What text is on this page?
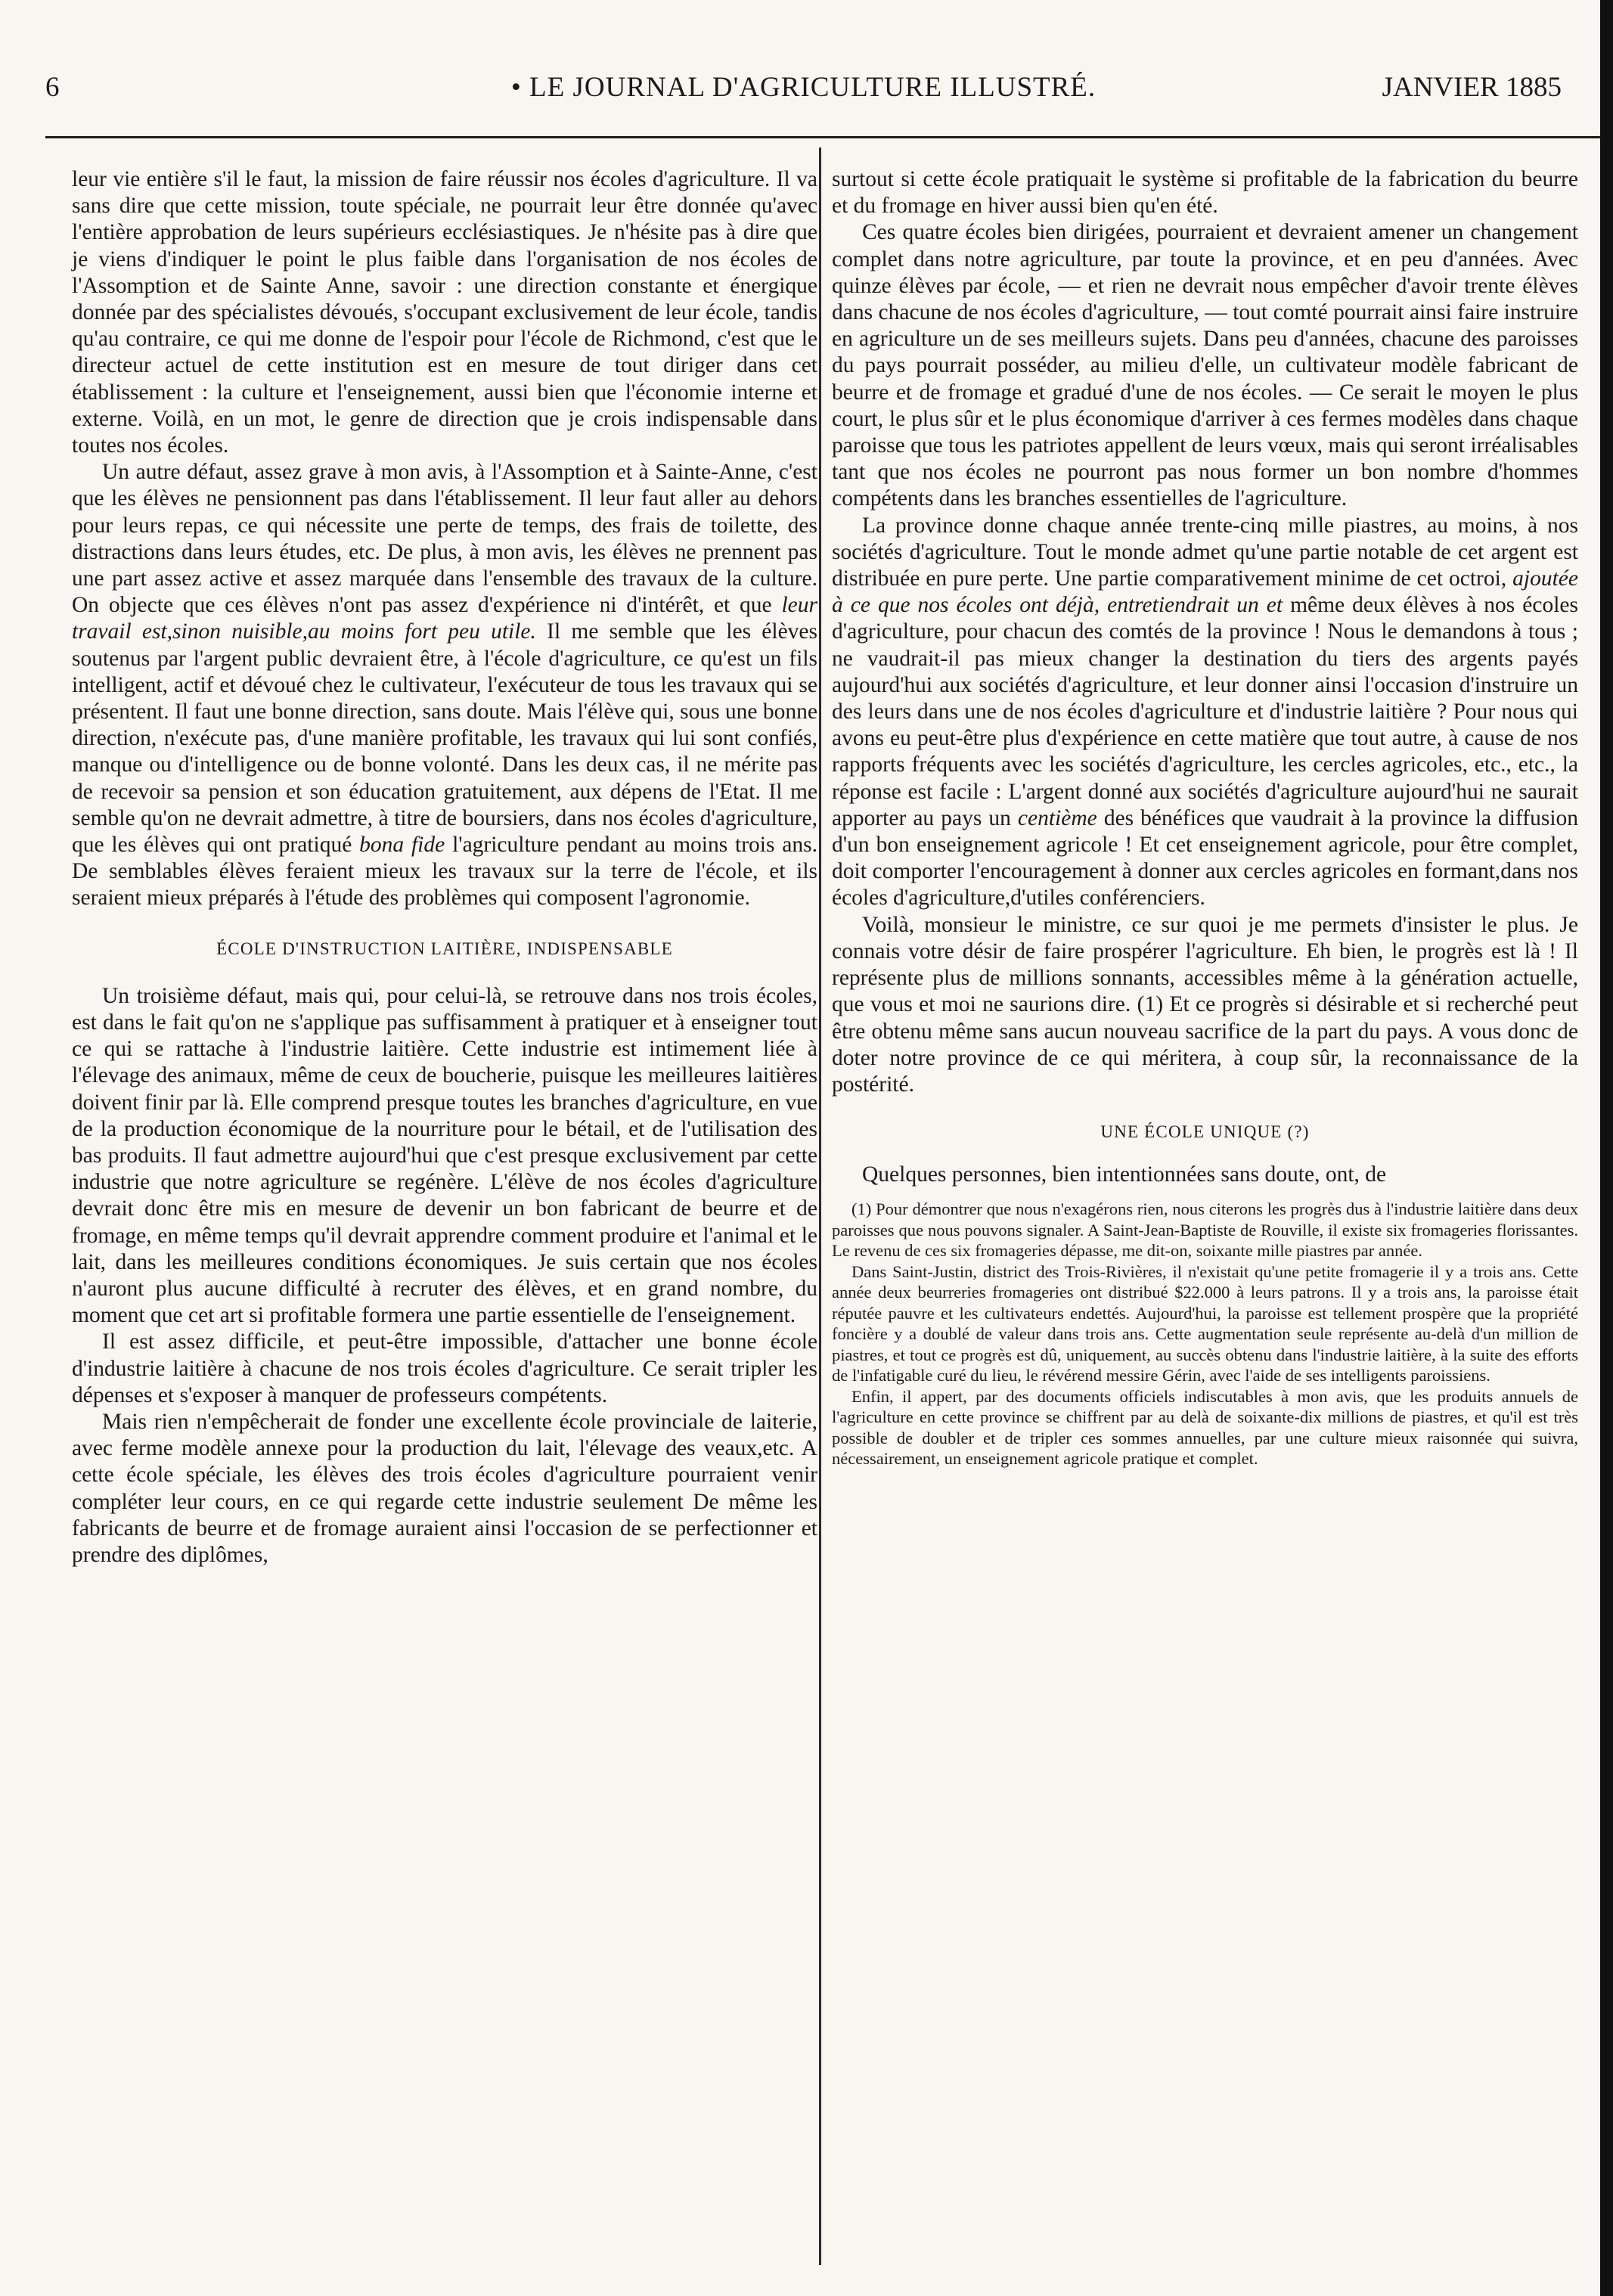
6	• LE JOURNAL D'AGRICULTURE ILLUSTRÉ.	JANVIER 1885

leur vie entière s'il le faut, la mission de faire réussir nos écoles d'agriculture. Il va sans dire que cette mission, toute spéciale, ne pourrait leur être donnée qu'avec l'entière approbation de leurs supérieurs ecclésiastiques. Je n'hésite pas à dire que je viens d'indiquer le point le plus faible dans l'organisation de nos écoles de l'Assomption et de Sainte Anne, savoir : une direction constante et énergique donnée par des spécialistes dévoués, s'occupant exclusivement de leur école, tandis qu'au contraire, ce qui me donne de l'espoir pour l'école de Richmond, c'est que le directeur actuel de cette institution est en mesure de tout diriger dans cet établissement : la culture et l'enseignement, aussi bien que l'économie interne et externe. Voilà, en un mot, le genre de direction que je crois indispensable dans toutes nos écoles.

Un autre défaut, assez grave à mon avis, à l'Assomption et à Sainte-Anne, c'est que les élèves ne pensionnent pas dans l'établissement. Il leur faut aller au dehors pour leurs repas, ce qui nécessite une perte de temps, des frais de toilette, des distractions dans leurs études, etc. De plus, à mon avis, les élèves ne prennent pas une part assez active et assez marquée dans l'ensemble des travaux de la culture. On objecte que ces élèves n'ont pas assez d'expérience ni d'intérêt, et que leur travail est,sinon nuisible,au moins fort peu utile. Il me semble que les élèves soutenus par l'argent public devraient être, à l'école d'agriculture, ce qu'est un fils intelligent, actif et dévoué chez le cultivateur, l'exécuteur de tous les travaux qui se présentent. Il faut une bonne direction, sans doute. Mais l'élève qui, sous une bonne direction, n'exécute pas, d'une manière profitable, les travaux qui lui sont confiés, manque ou d'intelligence ou de bonne volonté. Dans les deux cas, il ne mérite pas de recevoir sa pension et son éducation gratuitement, aux dépens de l'Etat. Il me semble qu'on ne devrait admettre, à titre de boursiers, dans nos écoles d'agriculture, que les élèves qui ont pratiqué bona fide l'agriculture pendant au moins trois ans. De semblables élèves feraient mieux les travaux sur la terre de l'école, et ils seraient mieux préparés à l'étude des problèmes qui composent l'agronomie.

ÉCOLE D'INSTRUCTION LAITIÈRE, INDISPENSABLE

Un troisième défaut, mais qui, pour celui-là, se retrouve dans nos trois écoles, est dans le fait qu'on ne s'applique pas suffisamment à pratiquer et à enseigner tout ce qui se rattache à l'industrie laitière. Cette industrie est intimement liée à l'élevage des animaux, même de ceux de boucherie, puisque les meilleures laitières doivent finir par là. Elle comprend presque toutes les branches d'agriculture, en vue de la production économique de la nourriture pour le bétail, et de l'utilisation des bas produits. Il faut admettre aujourd'hui que c'est presque exclusivement par cette industrie que notre agriculture se regénère. L'élève de nos écoles d'agriculture devrait donc être mis en mesure de devenir un bon fabricant de beurre et de fromage, en même temps qu'il devrait apprendre comment produire et l'animal et le lait, dans les meilleures conditions économiques. Je suis certain que nos écoles n'auront plus aucune difficulté à recruter des élèves, et en grand nombre, du moment que cet art si profitable formera une partie essentielle de l'enseignement.

Il est assez difficile, et peut-être impossible, d'attacher une bonne école d'industrie laitière à chacune de nos trois écoles d'agriculture. Ce serait tripler les dépenses et s'exposer à manquer de professeurs compétents.

Mais rien n'empêcherait de fonder une excellente école provinciale de laiterie, avec ferme modèle annexe pour la production du lait, l'élevage des veaux,etc. A cette école spéciale, les élèves des trois écoles d'agriculture pourraient venir compléter leur cours, en ce qui regarde cette industrie seulement De même les fabricants de beurre et de fromage auraient ainsi l'occasion de se perfectionner et prendre des diplômes,

surtout si cette école pratiquait le système si profitable de la fabrication du beurre et du fromage en hiver aussi bien qu'en été.

Ces quatre écoles bien dirigées, pourraient et devraient amener un changement complet dans notre agriculture, par toute la province, et en peu d'années. Avec quinze élèves par école, — et rien ne devrait nous empêcher d'avoir trente élèves dans chacune de nos écoles d'agriculture, — tout comté pourrait ainsi faire instruire en agriculture un de ses meilleurs sujets. Dans peu d'années, chacune des paroisses du pays pourrait posséder, au milieu d'elle, un cultivateur modèle fabricant de beurre et de fromage et gradué d'une de nos écoles. — Ce serait le moyen le plus court, le plus sûr et le plus économique d'arriver à ces fermes modèles dans chaque paroisse que tous les patriotes appellent de leurs vœux, mais qui seront irréalisables tant que nos écoles ne pourront pas nous former un bon nombre d'hommes compétents dans les branches essentielles de l'agriculture.

La province donne chaque année trente-cinq mille piastres, au moins, à nos sociétés d'agriculture. Tout le monde admet qu'une partie notable de cet argent est distribuée en pure perte. Une partie comparativement minime de cet octroi, ajoutée à ce que nos écoles ont déjà, entretiendrait un et même deux élèves à nos écoles d'agriculture, pour chacun des comtés de la province ! Nous le demandons à tous ; ne vaudrait-il pas mieux changer la destination du tiers des argents payés aujourd'hui aux sociétés d'agriculture, et leur donner ainsi l'occasion d'instruire un des leurs dans une de nos écoles d'agriculture et d'industrie laitière ? Pour nous qui avons eu peut-être plus d'expérience en cette matière que tout autre, à cause de nos rapports fréquents avec les sociétés d'agriculture, les cercles agricoles, etc., etc., la réponse est facile : L'argent donné aux sociétés d'agriculture aujourd'hui ne saurait apporter au pays un centième des bénéfices que vaudrait à la province la diffusion d'un bon enseignement agricole ! Et cet enseignement agricole, pour être complet, doit comporter l'encouragement à donner aux cercles agricoles en formant,dans nos écoles d'agriculture,d'utiles conférenciers.

Voilà, monsieur le ministre, ce sur quoi je me permets d'insister le plus. Je connais votre désir de faire prospérer l'agriculture. Eh bien, le progrès est là ! Il représente plus de millions sonnants, accessibles même à la génération actuelle, que vous et moi ne saurions dire. (1) Et ce progrès si désirable et si recherché peut être obtenu même sans aucun nouveau sacrifice de la part du pays. A vous donc de doter notre province de ce qui méritera, à coup sûr, la reconnaissance de la postérité.

UNE ÉCOLE UNIQUE (?)

Quelques personnes, bien intentionnées sans doute, ont, de

(1) Pour démontrer que nous n'exagérons rien, nous citerons les progrès dus à l'industrie laitière dans deux paroisses que nous pouvons signaler. A Saint-Jean-Baptiste de Rouville, il existe six fromageries florissantes. Le revenu de ces six fromageries dépasse, me dit-on, soixante mille piastres par année.

Dans Saint-Justin, district des Trois-Rivières, il n'existait qu'une petite fromagerie il y a trois ans. Cette année deux beurreries fromageries ont distribué $22.000 à leurs patrons. Il y a trois ans, la paroisse était réputée pauvre et les cultivateurs endettés. Aujourd'hui, la paroisse est tellement prospère que la propriété foncière y a doublé de valeur dans trois ans. Cette augmentation seule représente au-delà d'un million de piastres, et tout ce progrès est dû, uniquement, au succès obtenu dans l'industrie laitière, à la suite des efforts de l'infatigable curé du lieu, le révérend messire Gérin, avec l'aide de ses intelligents paroissiens.

Enfin, il appert, par des documents officiels indiscutables à mon avis, que les produits annuels de l'agriculture en cette province se chiffrent par au delà de soixante-dix millions de piastres, et qu'il est très possible de doubler et de tripler ces sommes annuelles, par une culture mieux raisonnée qui suivra, nécessairement, un enseignement agricole pratique et complet.
